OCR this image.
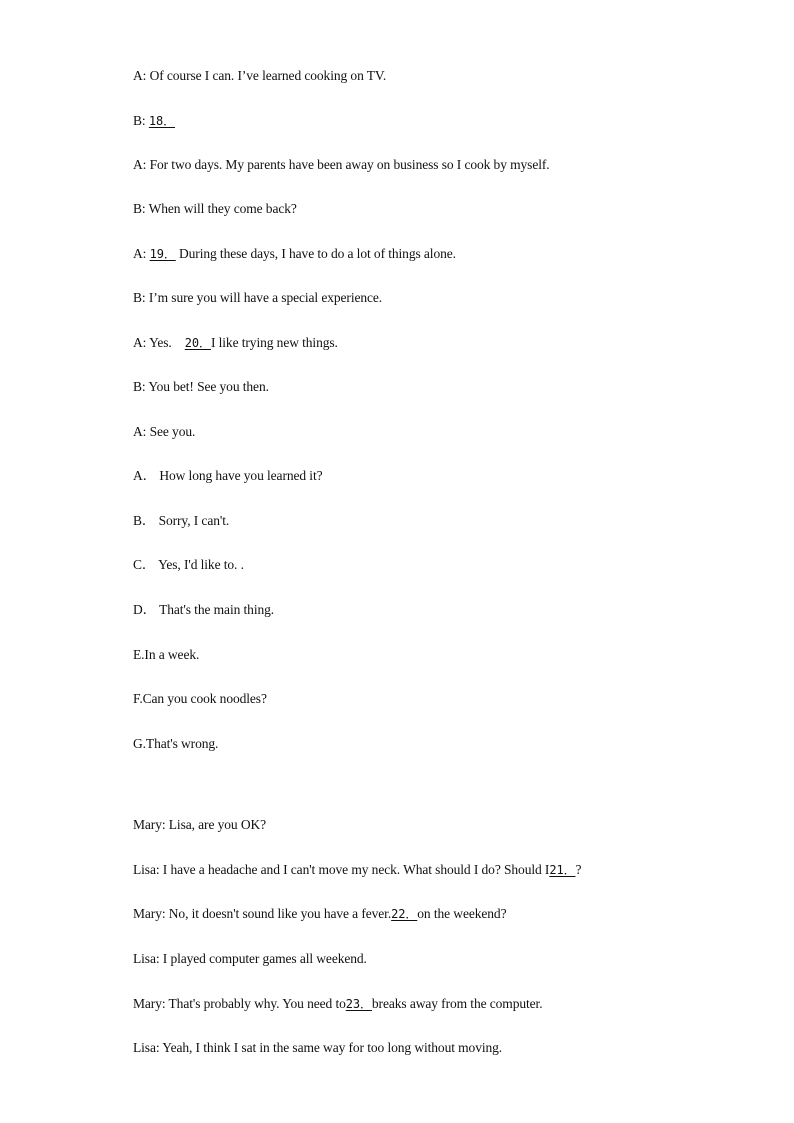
A: Of course I can. I’ve learned cooking on TV.
B: 18．
A: For two days. My parents have been away on business so I cook by myself.
B: When will they come back?
A: 19． During these days, I have to do a lot of things alone.
B: I’m sure you will have a special experience.
A: Yes.    20．I like trying new things.
B: You bet! See you then.
A: See you.
A． How long have you learned it?
B． Sorry, I can't.
C． Yes, I'd like to. .
D． That's the main thing.
E.In a week.
F.Can you cook noodles?
G.That's wrong.
Mary: Lisa, are you OK?
Lisa: I have a headache and I can't move my neck. What should I do? Should I21．?
Mary: No, it doesn't sound like you have a fever.22．on the weekend?
Lisa: I played computer games all weekend.
Mary: That's probably why. You need to23．breaks away from the computer.
Lisa: Yeah, I think I sat in the same way for too long without moving.
